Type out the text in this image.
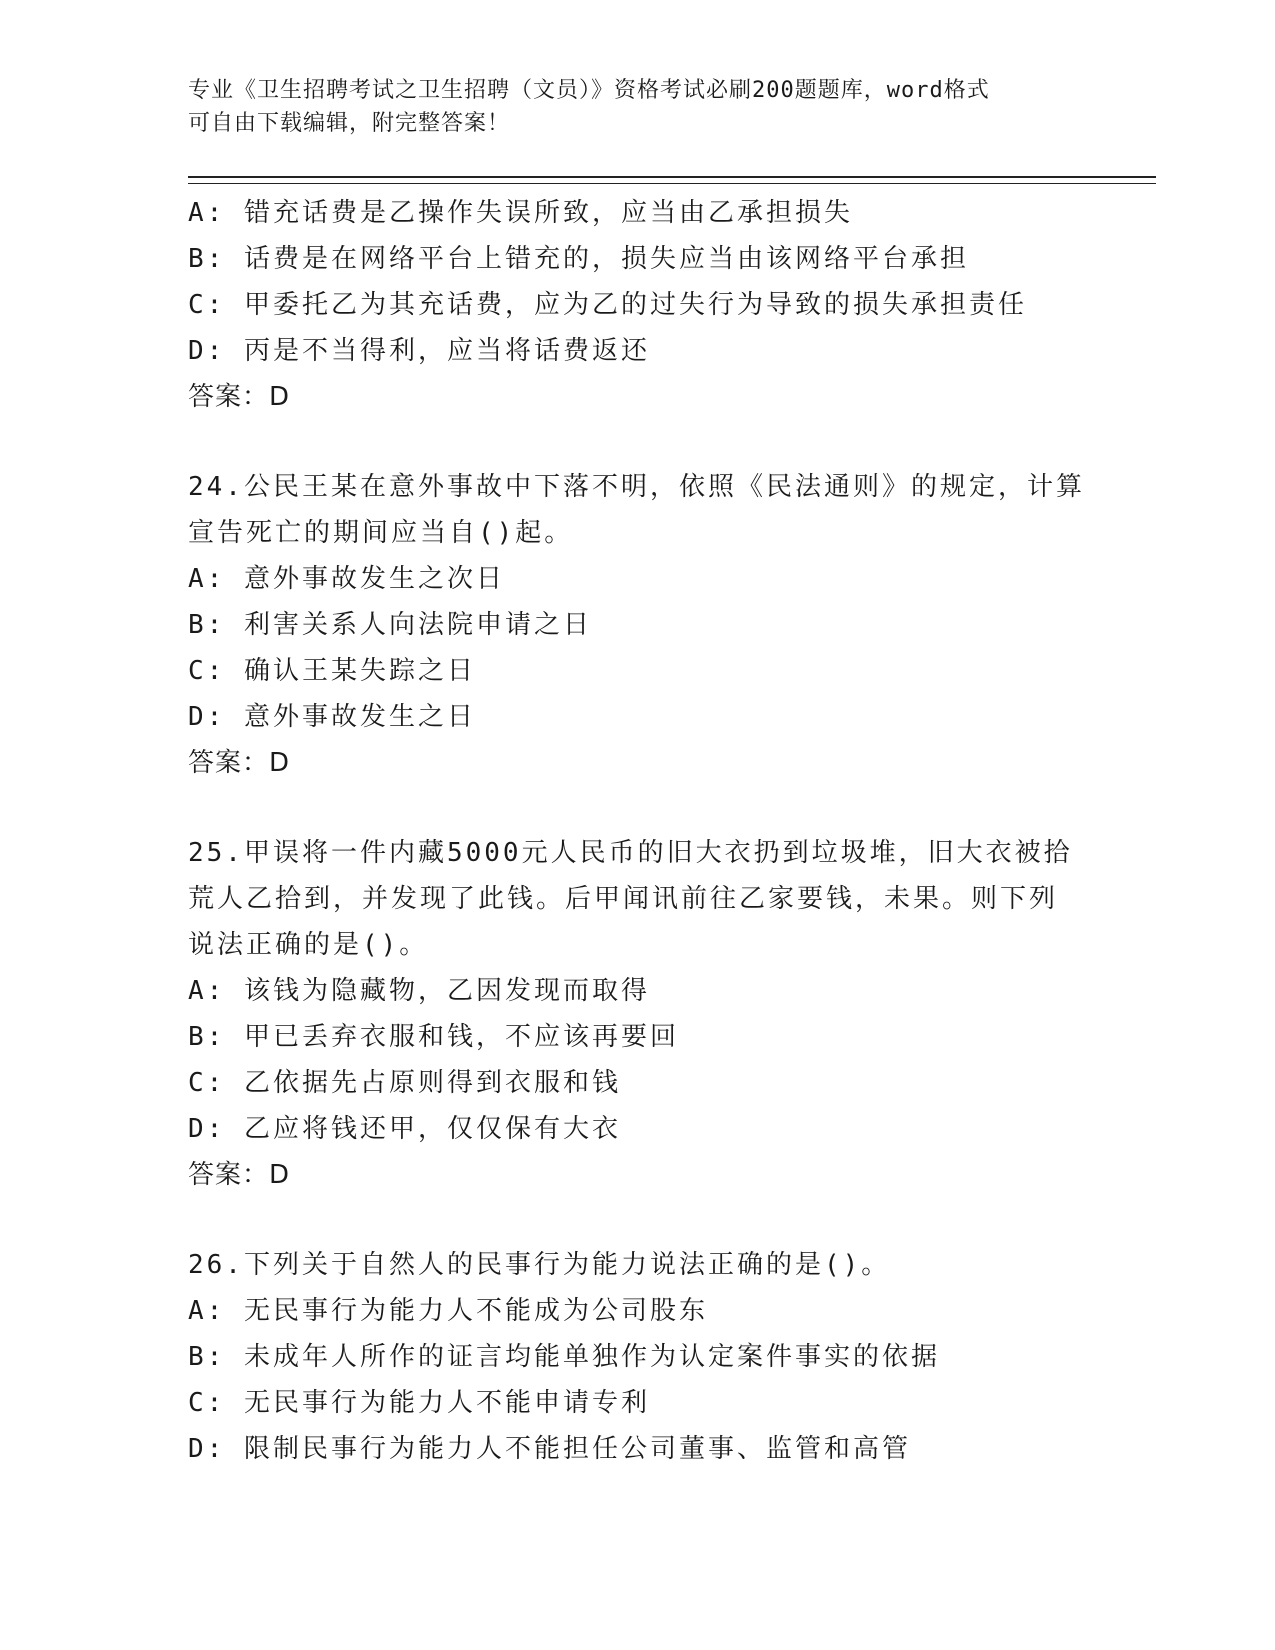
专业《卫生招聘考试之卫生招聘（文员）》资格考试必刷200题题库，word格式
可自由下载编辑，附完整答案！
A: 错充话费是乙操作失误所致，应当由乙承担损失
B: 话费是在网络平台上错充的，损失应当由该网络平台承担
C: 甲委托乙为其充话费，应为乙的过失行为导致的损失承担责任
D: 丙是不当得利，应当将话费返还
答案：D
24.公民王某在意外事故中下落不明，依照《民法通则》的规定，计算
宣告死亡的期间应当自()起。
A: 意外事故发生之次日
B: 利害关系人向法院申请之日
C: 确认王某失踪之日
D: 意外事故发生之日
答案：D
25.甲误将一件内藏5000元人民币的旧大衣扔到垃圾堆，旧大衣被拾
荒人乙拾到，并发现了此钱。后甲闻讯前往乙家要钱，未果。则下列
说法正确的是()。
A: 该钱为隐藏物，乙因发现而取得
B: 甲已丢弃衣服和钱，不应该再要回
C: 乙依据先占原则得到衣服和钱
D: 乙应将钱还甲，仅仅保有大衣
答案：D
26.下列关于自然人的民事行为能力说法正确的是()。
A: 无民事行为能力人不能成为公司股东
B: 未成年人所作的证言均能单独作为认定案件事实的依据
C: 无民事行为能力人不能申请专利
D: 限制民事行为能力人不能担任公司董事、监管和高管
